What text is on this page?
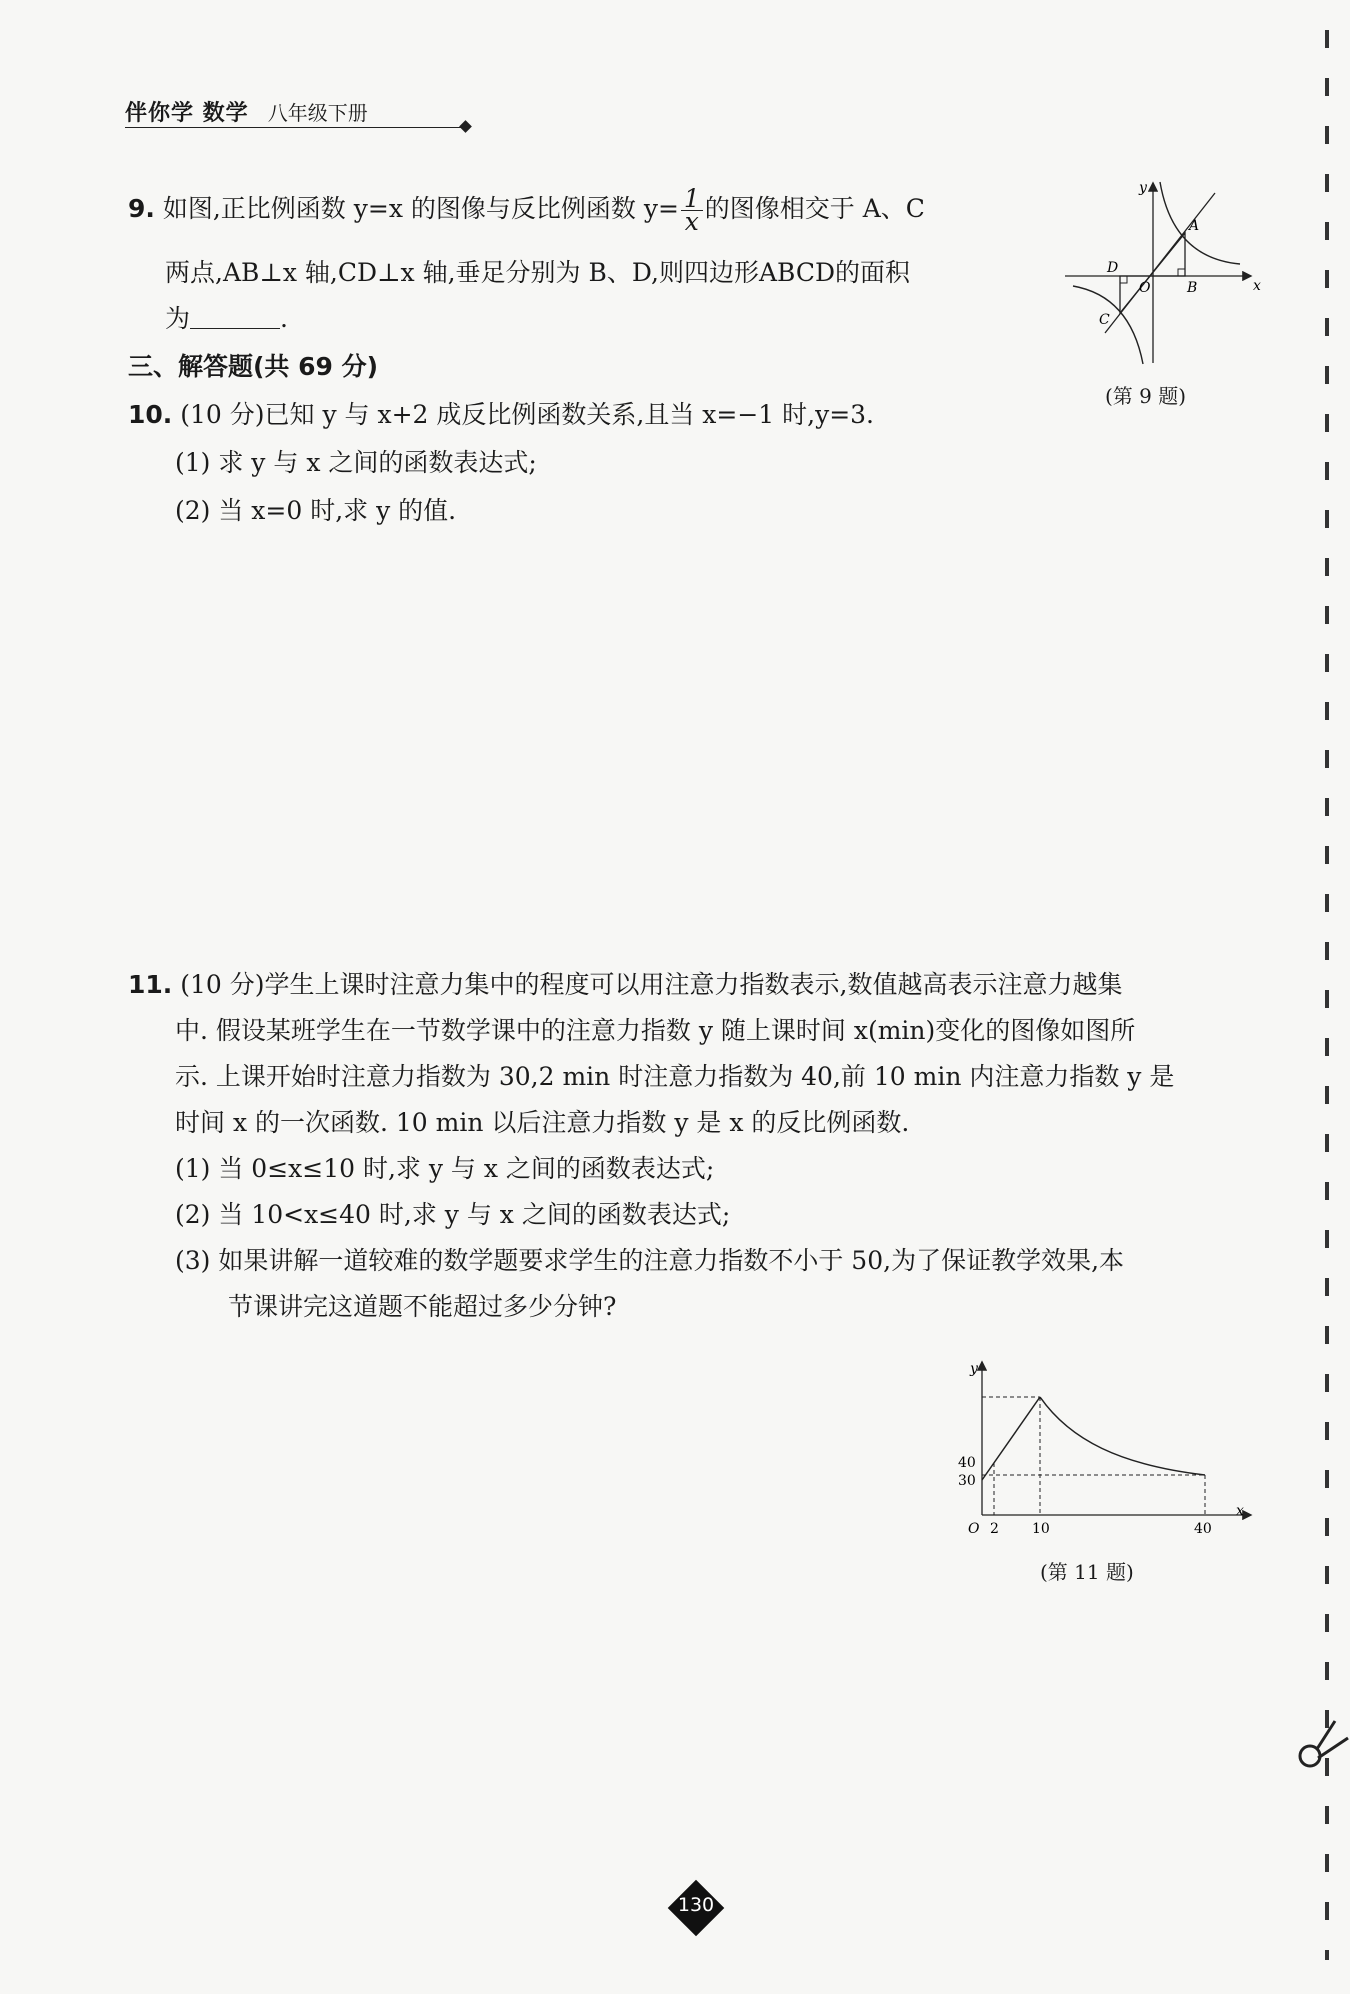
伴你学 数学 八年级下册
9. 如图,正比例函数 y=x 的图像与反比例函数 $y= \frac{1}{x}$ 的图像相交于 A、C
两点,AB⊥x 轴,CD⊥x 轴,垂足分别为 B、D,则四边形ABCD的面积
为	.
y
x
A
B
C
D
O
(第 9 题)
三、解答题(共 69 分)
10. (10 分)已知 y 与 x+2 成反比例函数关系,且当 x=−1 时,y=3.
(1) 求 y 与 x 之间的函数表达式;
(2) 当 x=0 时,求 y 的值.
11. (10 分)学生上课时注意力集中的程度可以用注意力指数表示,数值越高表示注意力越集
中. 假设某班学生在一节数学课中的注意力指数 y 随上课时间 x(min)变化的图像如图所
示. 上课开始时注意力指数为 30,2 min 时注意力指数为 40,前 10 min 内注意力指数 y 是
时间 x 的一次函数. 10 min 以后注意力指数 y 是 x 的反比例函数.
(1) 当 0≤x≤10 时,求 y 与 x 之间的函数表达式;
(2) 当 10<x≤40 时,求 y 与 x 之间的函数表达式;
(3) 如果讲解一道较难的数学题要求学生的注意力指数不小于 50,为了保证教学效果,本
节课讲完这道题不能超过多少分钟?
y
x
O
40
30
2 10	40
(第 11 题)
130
